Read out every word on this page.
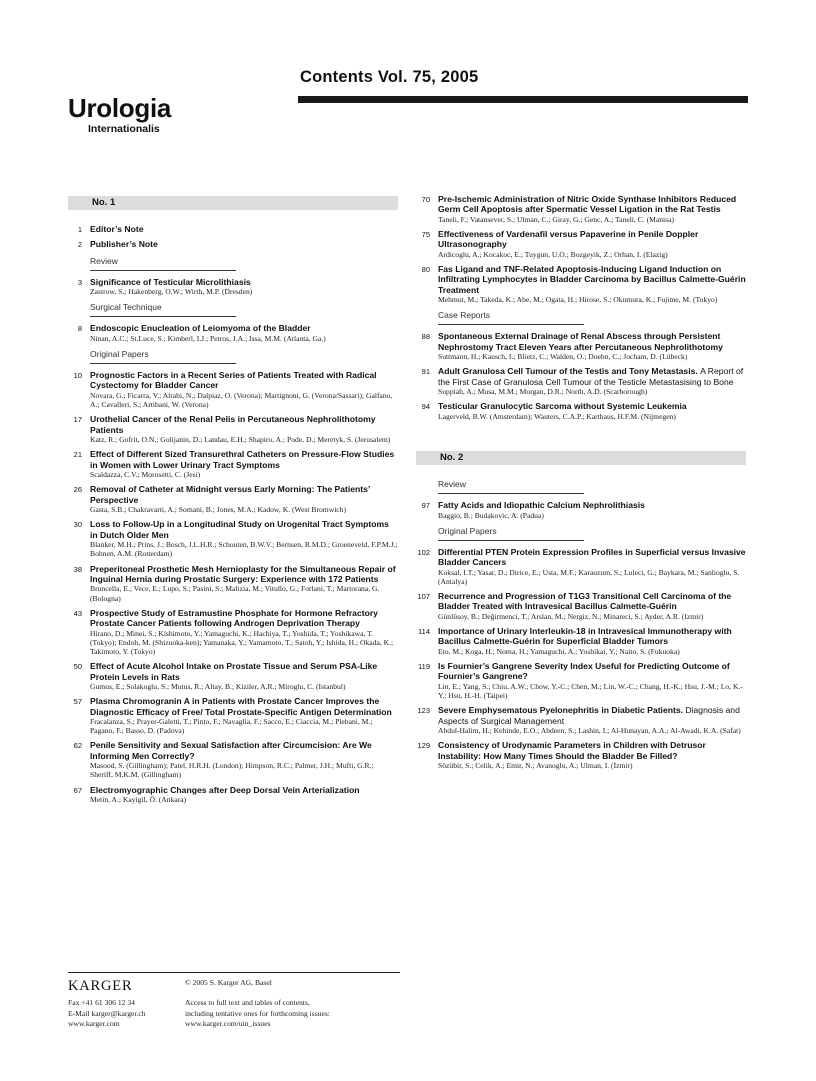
Contents Vol. 75, 2005
Urologia
Internationalis
No. 1
1 Editor’s Note
2 Publisher’s Note
Review
3 Significance of Testicular Microlithiasis
Zastrow, S.; Hakenberg, O.W.; Wirth, M.P. (Dresden)
Surgical Technique
8 Endoscopic Enucleation of Leiomyoma of the Bladder
Ninan, A.C.; St.Luce, S.; Kimberl, I.J.; Petros, J.A.; Issa, M.M. (Atlanta, Ga.)
Original Papers
10 Prognostic Factors in a Recent Series of Patients Treated with Radical Cystectomy for Bladder Cancer
Novara, G.; Ficarra, V.; Alrabi, N.; Dalpiaz, O. (Verona); Martignoni, G. (Verona/Sassari); Galfano, A.; Cavalleri, S.; Artibani, W. (Verona)
17 Urothelial Cancer of the Renal Pelis in Percutaneous Nephrolithotomy Patients
Katz, R.; Gofrit, O.N.; Golijanin, D.; Landau, E.H.; Shapiro, A.; Pode, D.; Meretyk, S. (Jerusalem)
21 Effect of Different Sized Transurethral Catheters on Pressure-Flow Studies in Women with Lower Urinary Tract Symptoms
Scaldazza, C.V.; Morosetti, C. (Jesi)
26 Removal of Catheter at Midnight versus Early Morning: The Patients’ Perspective
Gasta, S.B.; Chakravarti, A.; Somani, B.; Jones, M.A.; Kadow, K. (West Bromwich)
30 Loss to Follow-Up in a Longitudinal Study on Urogenital Tract Symptoms in Dutch Older Men
Blanker, M.H.; Prins, J.; Bosch, J.L.H.R.; Schouten, B.W.V.; Bernsen, R.M.D.; Groeneveld, F.P.M.J.; Bohnen, A.M. (Rotterdam)
38 Preperitoneal Prosthetic Mesh Hernioplasty for the Simultaneous Repair of Inguinal Hernia during Prostatic Surgery: Experience with 172 Patients
Bruncella, E.; Vece, E.; Lupo, S.; Pasini, S.; Malizia, M.; Vitullo, G.; Forlani, T.; Martorana, G. (Bologna)
43 Prospective Study of Estramustine Phosphate for Hormone Refractory Prostate Cancer Patients following Androgen Deprivation Therapy
Hirano, D.; Minei, S.; Kishimoto, Y.; Yamaguchi, K.; Hachiya, T.; Yoshida, T.; Yoshikawa, T. (Tokyo); Endoh, M. (Shizuoka-ken); Yamanaka, Y.; Yamamoto, T.; Satoh, Y.; Ishida, H.; Okada, K.; Takimoto, Y. (Tokyo)
50 Effect of Acute Alcohol Intake on Prostate Tissue and Serum PSA-Like Protein Levels in Rats
Gumus, E.; Solakoglu, S.; Mutus, R.; Altay, B.; Kiziler, A.R.; Miroglu, C. (Istanbul)
57 Plasma Chromogranin A in Patients with Prostate Cancer Improves the Diagnostic Efficacy of Free/ Total Prostate-Specific Antigen Determination
Fracalanza, S.; Prayer-Galetti, T.; Pinto, F.; Navaglia, F.; Sacco, E.; Ciaccia, M.; Plebani, M.; Pagano, F.; Basso, D. (Padova)
62 Penile Sensitivity and Sexual Satisfaction after Circumcision: Are We Informing Men Correctly?
Masood, S. (Gillingham); Patel, H.R.H. (London); Himpson, R.C.; Palmer, J.H.; Mufti, G.R.; Sheriff, M.K.M. (Gillingham)
67 Electromyographic Changes after Deep Dorsal Vein Arterialization
Metin, A.; Kayigil, Ö. (Ankara)
70 Pre-Ischemic Administration of Nitric Oxide Synthase Inhibitors Reduced Germ Cell Apoptosis after Spermatic Vessel Ligation in the Rat Testis
Taneli, F.; Vatansever, S.; Ulman, C.; Giray, G.; Genc, A.; Taneli, C. (Manisa)
75 Effectiveness of Vardenafil versus Papaverine in Penile Doppler Ultrasonography
Ardicoglu, A.; Kocakoc, E.; Tuygun, U.O.; Bozgeyik, Z.; Orhan, I. (Elazig)
80 Fas Ligand and TNF-Related Apoptosis-Inducing Ligand Induction on Infiltrating Lymphocytes in Bladder Carcinoma by Bacillus Calmette-Guérin Treatment
Mehmut, M.; Takeda, K.; Abe, M.; Ogata, H.; Hirose, S.; Okumura, K.; Fujime, M. (Tokyo)
Case Reports
88 Spontaneous External Drainage of Renal Abscess through Persistent Nephrostomy Tract Eleven Years after Percutaneous Nephrolithotomy
Suttmann, H.; Kausch, I.; Blietz, C.; Walden, O.; Doehn, C.; Jocham, D. (Lübeck)
91 Adult Granulosa Cell Tumour of the Testis and Tony Metastasis. A Report of the First Case of Granulosa Cell Tumour of the Testicle Metastasising to Bone
Suppiah, A.; Musa, M.M.; Morgan, D.R.; North, A.D. (Scarborough)
94 Testicular Granulocytic Sarcoma without Systemic Leukemia
Lagerveld, B.W. (Amsterdam); Wauters, C.A.P.; Karthaus, H.F.M. (Nijmegen)
No. 2
Review
97 Fatty Acids and Idiopathic Calcium Nephrolithiasis
Baggio, B.; Budakovic, A. (Padua)
Original Papers
102 Differential PTEN Protein Expression Profiles in Superficial versus Invasive Bladder Cancers
Koksal, I.T.; Yasar, D.; Dirice, E.; Usta, M.F.; Karauzum, S.; Luleci, G.; Baykara, M.; Sanlioglu, S. (Antalya)
107 Recurrence and Progression of T1G3 Transitional Cell Carcinoma of the Bladder Treated with Intravesical Bacillus Calmette-Guérin
Günlüsoy, B.; Değirmenci, T.; Arslan, M.; Nergiz, N.; Minareci, S.; Ayder, A.R. (Izmir)
114 Importance of Urinary Interleukin-18 in Intravesical Immunotherapy with Bacillus Calmette-Guérin for Superficial Bladder Tumors
Eto, M.; Koga, H.; Noma, H.; Yamaguchi, A.; Yoshikai, Y.; Naito, S. (Fukuoka)
119 Is Fournier’s Gangrene Severity Index Useful for Predicting Outcome of Fournier’s Gangrene?
Lin, E.; Yang, S.; Chiu, A.W.; Chow, Y.-C.; Chen, M.; Lin, W.-C.; Chang, H.-K.; Hsu, J.-M.; Lo, K.-Y.; Hsu, H.-H. (Taipei)
123 Severe Emphysematous Pyelonephritis in Diabetic Patients. Diagnosis and Aspects of Surgical Management
Abdul-Halim, H.; Kehinde, E.O.; Abdeen, S.; Lashin, I.; Al-Hunayan, A.A.; Al-Awadi, K.A. (Safat)
129 Consistency of Urodynamic Parameters in Children with Detrusor Instability: How Many Times Should the Bladder Be Filled?
Sözübir, S.; Celik, A.; Emir, N.; Avanoglu, A.; Ulman, I. (İzmir)
KARGER
Fax +41 61 306 12 34
E-Mail karger@karger.ch
www.karger.com
© 2005 S. Karger AG, Basel
Access to full text and tables of contents,
including tentative ones for forthcoming issues:
www.karger.com/uin_issues
